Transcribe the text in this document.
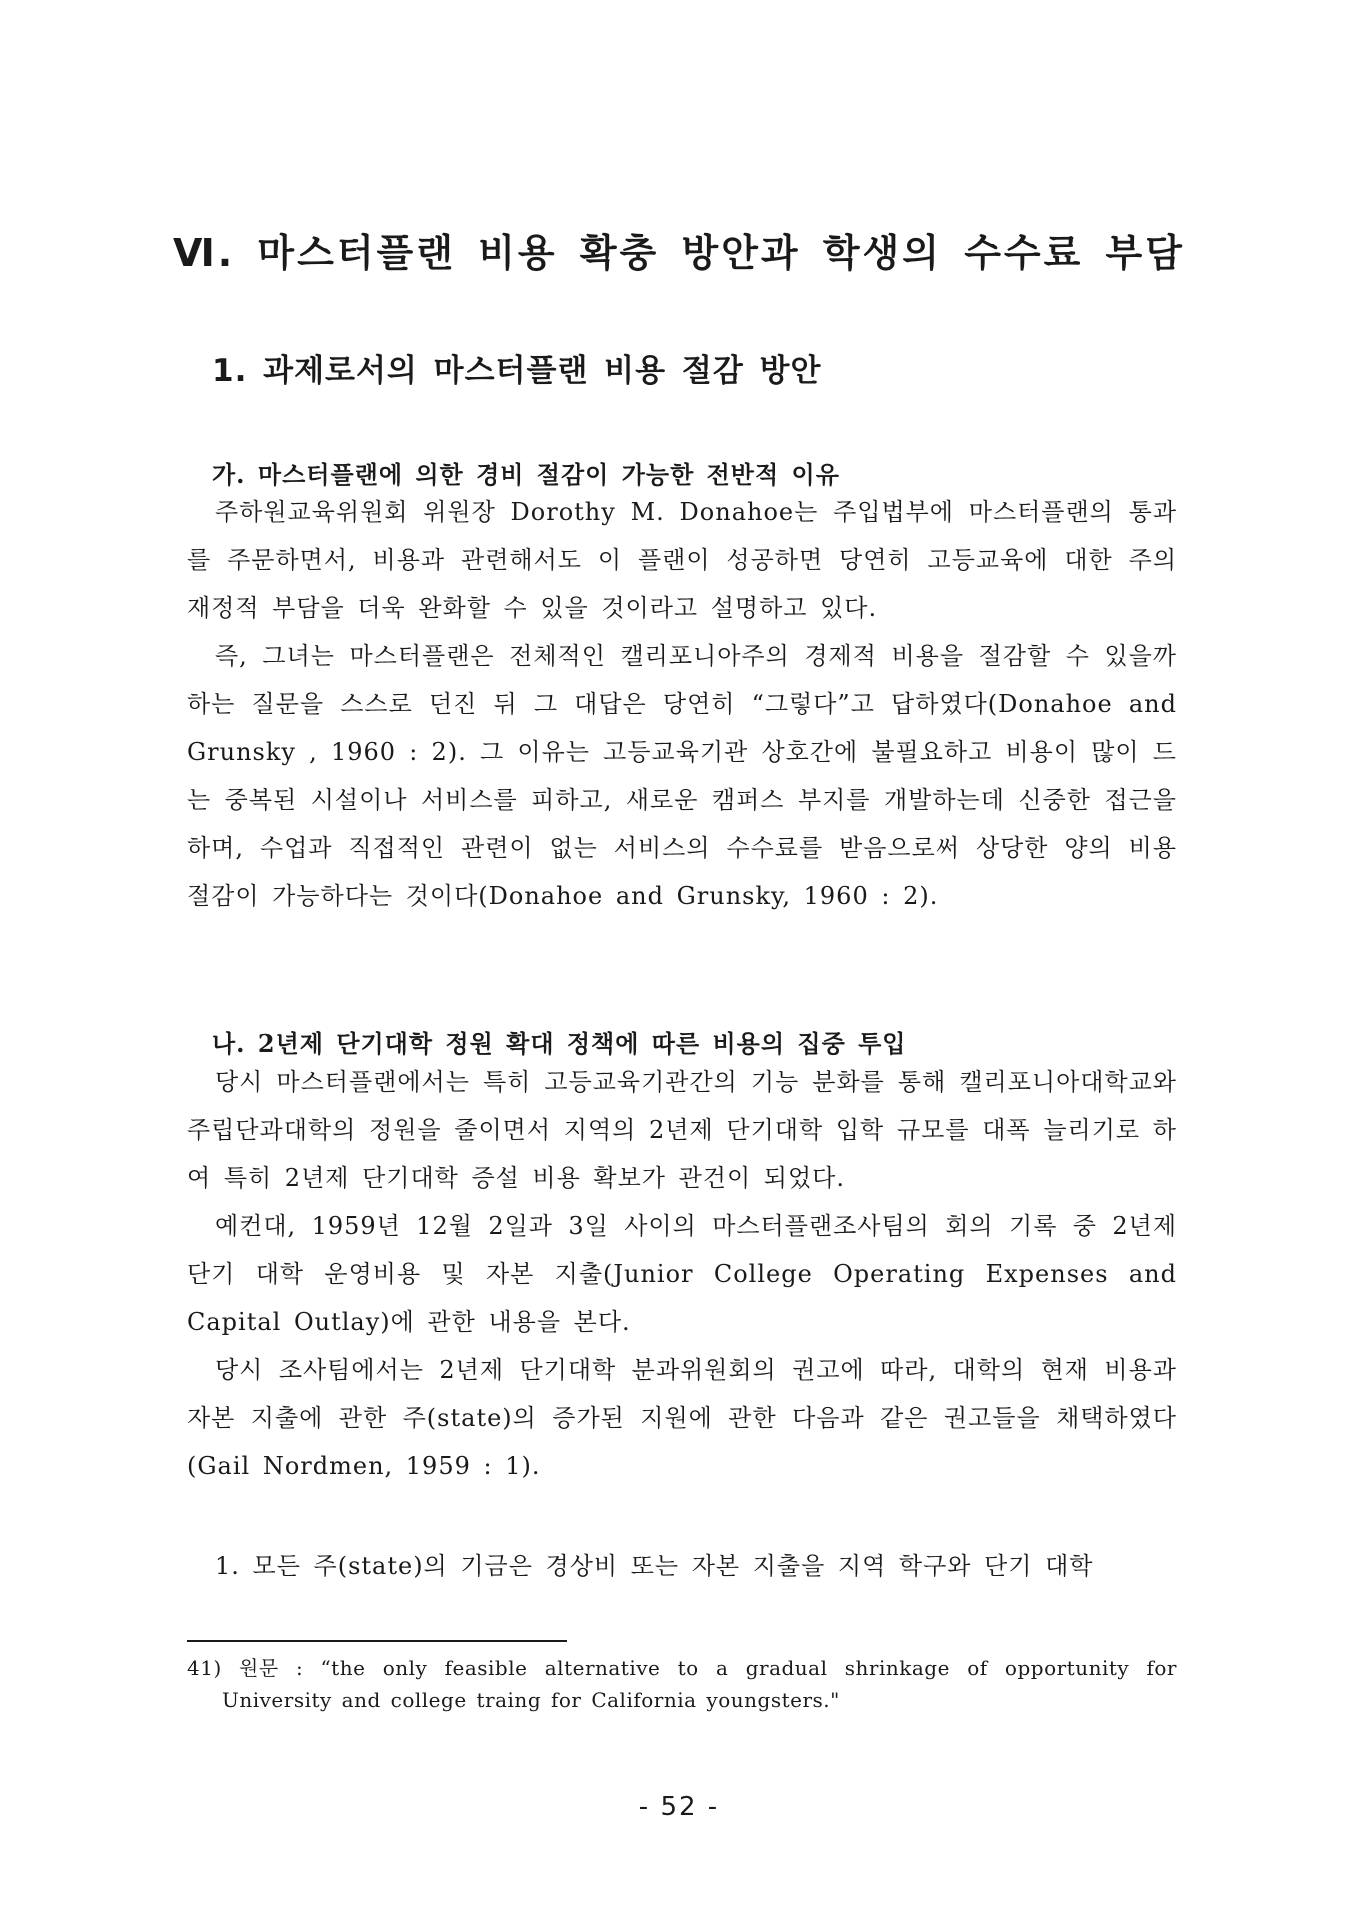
Ⅵ. 마스터플랜 비용 확충 방안과 학생의 수수료 부담
1. 과제로서의 마스터플랜 비용 절감 방안
가. 마스터플랜에 의한 경비 절감이 가능한 전반적 이유

주하원교육위원회 위원장 Dorothy M. Donahoe는 주입법부에 마스터플랜의 통과를 주문하면서, 비용과 관련해서도 이 플랜이 성공하면 당연히 고등교육에 대한 주의 재정적 부담을 더욱 완화할 수 있을 것이라고 설명하고 있다.

즉, 그녀는 마스터플랜은 전체적인 캘리포니아주의 경제적 비용을 절감할 수 있을까 하는 질문을 스스로 던진 뒤 그 대답은 당연히 “그렇다”고 답하였다(Donahoe and Grunsky , 1960 : 2). 그 이유는 고등교육기관 상호간에 불필요하고 비용이 많이 드는 중복된 시설이나 서비스를 피하고, 새로운 캠퍼스 부지를 개발하는데 신중한 접근을 하며, 수업과 직접적인 관련이 없는 서비스의 수수료를 받음으로써 상당한 양의 비용 절감이 가능하다는 것이다(Donahoe and Grunsky, 1960 : 2).

나. 2년제 단기대학 정원 확대 정책에 따른 비용의 집중 투입

당시 마스터플랜에서는 특히 고등교육기관간의 기능 분화를 통해 캘리포니아대학교와 주립단과대학의 정원을 줄이면서 지역의 2년제 단기대학 입학 규모를 대폭 늘리기로 하여 특히 2년제 단기대학 증설 비용 확보가 관건이 되었다.

예컨대, 1959년 12월 2일과 3일 사이의 마스터플랜조사팀의 회의 기록 중 2년제 단기 대학 운영비용 및 자본 지출(Junior College Operating Expenses and Capital Outlay)에 관한 내용을 본다.

당시 조사팀에서는 2년제 단기대학 분과위원회의 권고에 따라, 대학의 현재 비용과 자본 지출에 관한 주(state)의 증가된 지원에 관한 다음과 같은 권고들을 채택하였다(Gail Nordmen, 1959 : 1).

1. 모든 주(state)의 기금은 경상비 또는 자본 지출을 지역 학구와 단기 대학

41) 원문 : “the only feasible alternative to a gradual shrinkage of opportunity for University and college traing for California youngsters."

- 52 -
